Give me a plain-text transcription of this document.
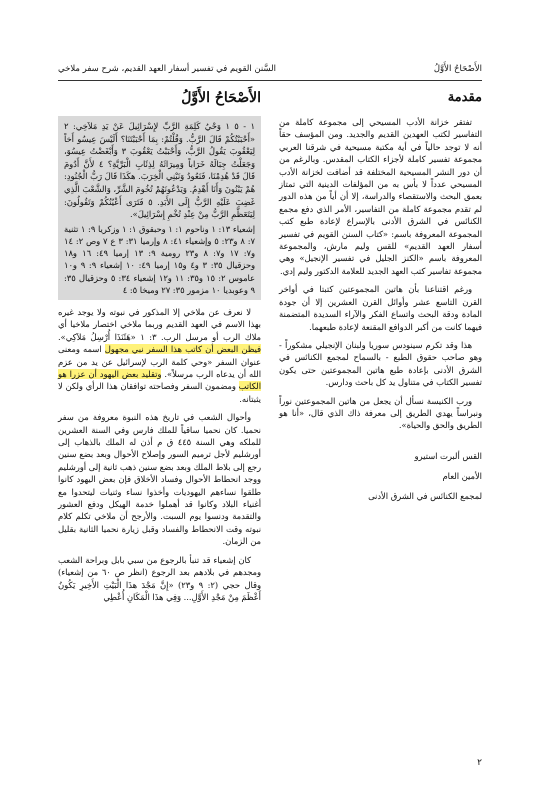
الأَصْحَاحُ الأَوَّلُ
السَّنن القويم في تفسير أسفار العهد القديم، شرح سفر ملاخي
مقدمة

تفتقر خزانة الأدب المسيحي إلى مجموعة كاملة من التفاسير لكتب العهدين القديم والجديد. ومن المؤسف حقاً أنه لا توجد حالياً في أية مكتبة مسيحية في شرقنا العربي مجموعة تفسير كاملة لأجزاء الكتاب المقدس. وبالرغم من أن دور النشر المسيحية المختلفة قد أضافت لخزانة الأدب المسيحي عدداً لا بأس به من المؤلفات الدينية التي تمتاز بعمق البحث والاستقصاء والدراسة، إلا أن أياً من هذه الدور لم تقدم مجموعة كاملة من التفاسير، الأمر الذي دفع مجمع الكنائس في الشرق الأدنى بالإسراع لإعادة طبع كتب المجموعة المعروفة باسم: «كتاب السنن القويم في تفسير أسفار العهد القديم» للقس وليم مارش، والمجموعة المعروفة باسم «الكنز الجليل في تفسير الإنجيل» وهي مجموعة تفاسير كتب العهد الجديد للعلامة الدكتور وليم إدي.

ورغم اقتناعنا بأن هاتين المجموعتين كتبتا في أواخر القرن التاسع عشر وأوائل القرن العشرين إلا أن جودة المادة ودقة البحث واتساع الفكر والآراء السديدة المتضمنة فيهما كانت من أكبر الدوافع المقنعة لإعادة طبعهما.

هذا وقد تكرم سينودس سوريا ولبنان الإنجيلي مشكوراً - وهو صاحب حقوق الطبع - بالسماح لمجمع الكنائس في الشرق الأدنى بإعادة طبع هاتين المجموعتين حتى يكون تفسير الكتاب في متناول يد كل باحث ودارس.

ورب الكنيسة نسأل أن يجعل من هاتين المجموعتين نوراً ونبراساً يهدي الطريق إلى معرفة ذاك الذي قال، «أنا هو الطريق والحق والحياة».

القس ألبرت استيرو
الأمين العام
لمجمع الكنائس في الشرق الأدنى
الأَصْحَاحُ الأَوَّلُ
١ - ٥ ١ وَحْيُ كَلِمَةِ الرَّبِّ لإِسْرَائِيلَ عَنْ يَدِ مَلاَخِي: ٢ «أَحْبَبْتُكُمْ قَالَ الرَّبُّ. وَقُلْتُمْ: بِمَا أَحْبَبْتَنَا؟ أَلَيْسَ عِيسُو أَخاً لِيَعْقُوبَ يَقُولُ الرَّبُّ، وَأَحْبَبْتُ يَعْقُوبَ ٣ وَأَبْغَضْتُ عِيسُوَ، وَجَعَلْتُ جِبَالَهُ خَرَاباً وَمِيرَاثَهُ لِذِئَابِ الْبَرِّيَّةِ؟ ٤ لأَنَّ أَدُومَ قَالَ قَدْ هُدِمْنَا، فَنَعُودُ وَنَبْنِي الْخِرَبَ. هكَذَا قَالَ رَبُّ الْجُنُودِ: هُمْ يَبْنُونَ وَأَنَا أَهْدِمُ. وَيَدْعُونَهُمْ تُخُومَ الشَّرِّ، وَالشَّعْبَ الَّذِي غَضِبَ عَلَيْهِ الرَّبُّ إِلَى الأَبَدِ. ٥ فَتَرَى أَعْيُنُكُمْ وَتَقُولُونَ: لِيَتَعَظَّمِ الرَّبُّ مِنْ عِنْدِ تُخْمِ إِسْرَائِيلَ».
إشعياء ١٣: ١ وناحوم ١: ١ وحبقوق ١: ١ وزكريا ٩: ١ تثنية ٧: ٨ و٢٣: ٥ وإشعياء ٤١: ٨ وإرميا ٣١: ٣ ع ٧ وص ٢: ١٤ و٧: ١٧ و٧: ٨ و٢٣ رومية ٩: ١٣ إرميا ٤٩: ١٦ و١٨ وحزقيال ٣٥: ٣ و٤ و١٥ إرميا ٤٩: ١٠ إشعياء ٩: ٩ و١٠ عاموس ٢: ١٥ و٣٥: ١١ و١٢ إشعياء ٣٤: ٥ وحزقيال ٣٥: ٩ وعوبديا ١٠ مزمور ٣٥: ٢٧ وميخا ٥: ٤

لا نعرف عن ملاخي إلا المذكور في نبوته ولا يوجد غيره بهذا الاسم في العهد القديم وربما ملاخي اختصار ملاخيا أي ملاك الرب أو مرسل الرب. ٣: ١ «هَئَنَذَا أُرْسِلُ مَلاَكِي». فيظن البعض أن كاتب هذا السفر نبي مجهول اسمه ومعنى عنوان السفر «وحي كلمة الرب لإسرائيل عن يد من عزم الله أن يدعاه الرب مرسلاً». وتقليد بعض اليهود أن عزرا هو الكاتب ومضمون السفر وفصاحته توافقان هذا الرأي ولكن لا يثبتانه.

وأحوال الشعب في تاريخ هذه النبوة معروفة من سفر نحميا. كان نحميا ساقياً للملك فارس وفي السنة العشرين للملكه وهي السنة ٤٤٥ ق م أذن له الملك بالذهاب إلى أورشليم لأجل ترميم السور وإصلاح الأحوال وبعد بضع سنين رجع إلى بلاط الملك وبعد بضع سنين ذهب ثانية إلى أورشليم ووجد انحطاط الأحوال وفساد الأخلاق فإن بعض اليهود كانوا طلقوا نساءهم اليهوديات وأخذوا نساء وثنيات ليتحدوا مع أغنياء البلاد وكانوا قد أهملوا خدمة الهيكل ودفع العشور والتقدمة ودنسوا يوم السبت. والأرجح أن ملاخي تكلم كلام نبوته وقت الانحطاط والفساد وقبل زيارة نحميا الثانية بقليل من الزمان.

كان إشعياء قد تنبأ بالرجوع من سبي بابل وبراحة الشعب ومجدهم في بلادهم بعد الرجوع (انظر ص ٦٠ من إشعياء) وقال حجي (٢: ٩ و٢٣) «إِنَّ مَجْدَ هذَا الْبَيْتِ الأَخِيرِ يَكُونُ أَعْظَمَ مِنْ مَجْدِ الأَوَّلِ... وَفِي هذَا الْمَكَانِ أُعْطِي

٢
